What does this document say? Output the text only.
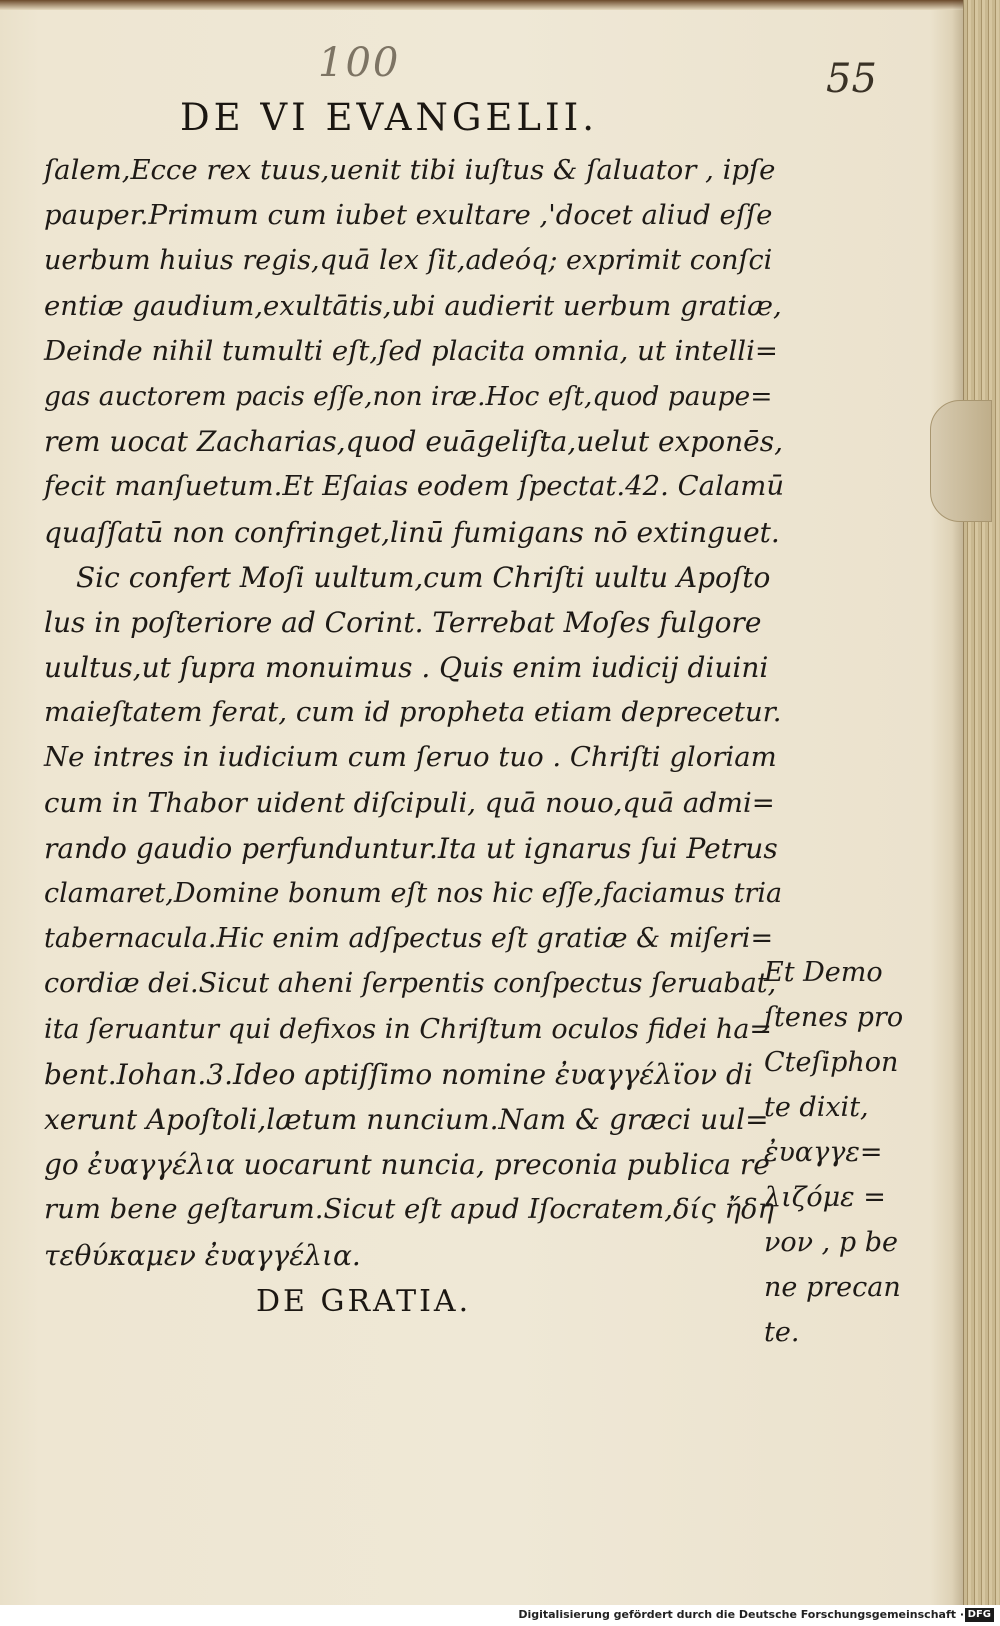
100	55
DE VI EVANGELII.
ſalem,Ecce rex tuus,uenit tibi iuſtus & ſaluator , ipſe
pauper.Primum cum iubet exultare ,'docet aliud eſſe
uerbum huius regis,quā lex ſit,adeóq; exprimit conſci
entiæ gaudium,exultātis,ubi audierit uerbum gratiæ,
Deinde nihil tumulti eſt,ſed placita omnia, ut intelli=
gas auctorem pacis eſſe,non iræ.Hoc eſt,quod paupe=
rem uocat Zacharias,quod euāgeliſta,uelut exponēs,
fecit manſuetum.Et Eſaias eodem ſpectat.42. Calamū
quaſſatū non confringet,linū fumigans nō extinguet.
Sic confert Moſi uultum,cum Chriſti uultu Apoſto
lus in poſteriore ad Corint. Terrebat Moſes fulgore
uultus,ut ſupra monuimus . Quis enim iudicij diuini
maieſtatem ferat, cum id propheta etiam deprecetur.
Ne intres in iudicium cum ſeruo tuo . Chriſti gloriam
cum in Thabor uident diſcipuli, quā nouo,quā admi=
rando gaudio perfunduntur.Ita ut ignarus ſui Petrus
clamaret,Domine bonum eſt nos hic eſſe,faciamus tria
tabernacula.Hic enim adſpectus eſt gratiæ & miſeri=
cordiæ dei.Sicut aheni ſerpentis conſpectus ſeruabat,
ita ſeruantur qui defixos in Chriſtum oculos fidei ha=
bent.Iohan.3.Ideo aptiſſimo nomine ἐυαγγέλϊον di
xerunt Apoſtoli,lætum nuncium.Nam & græci uul=
go ἐυαγγέλια uocarunt nuncia, preconia publica re
rum bene geſtarum.Sicut eſt apud Iſocratem,δίς ἤδη
τεθύκαμεν ἐυαγγέλια.
DE GRATIA.
Et Demo
ſtenes pro
Cteſiphon
te dixit,
ἐυαγγε=
λιζόμε =
νον , p be
ne precan
te.
Digitalisierung gefördert durch die Deutsche Forschungsgemeinschaft · DFG
